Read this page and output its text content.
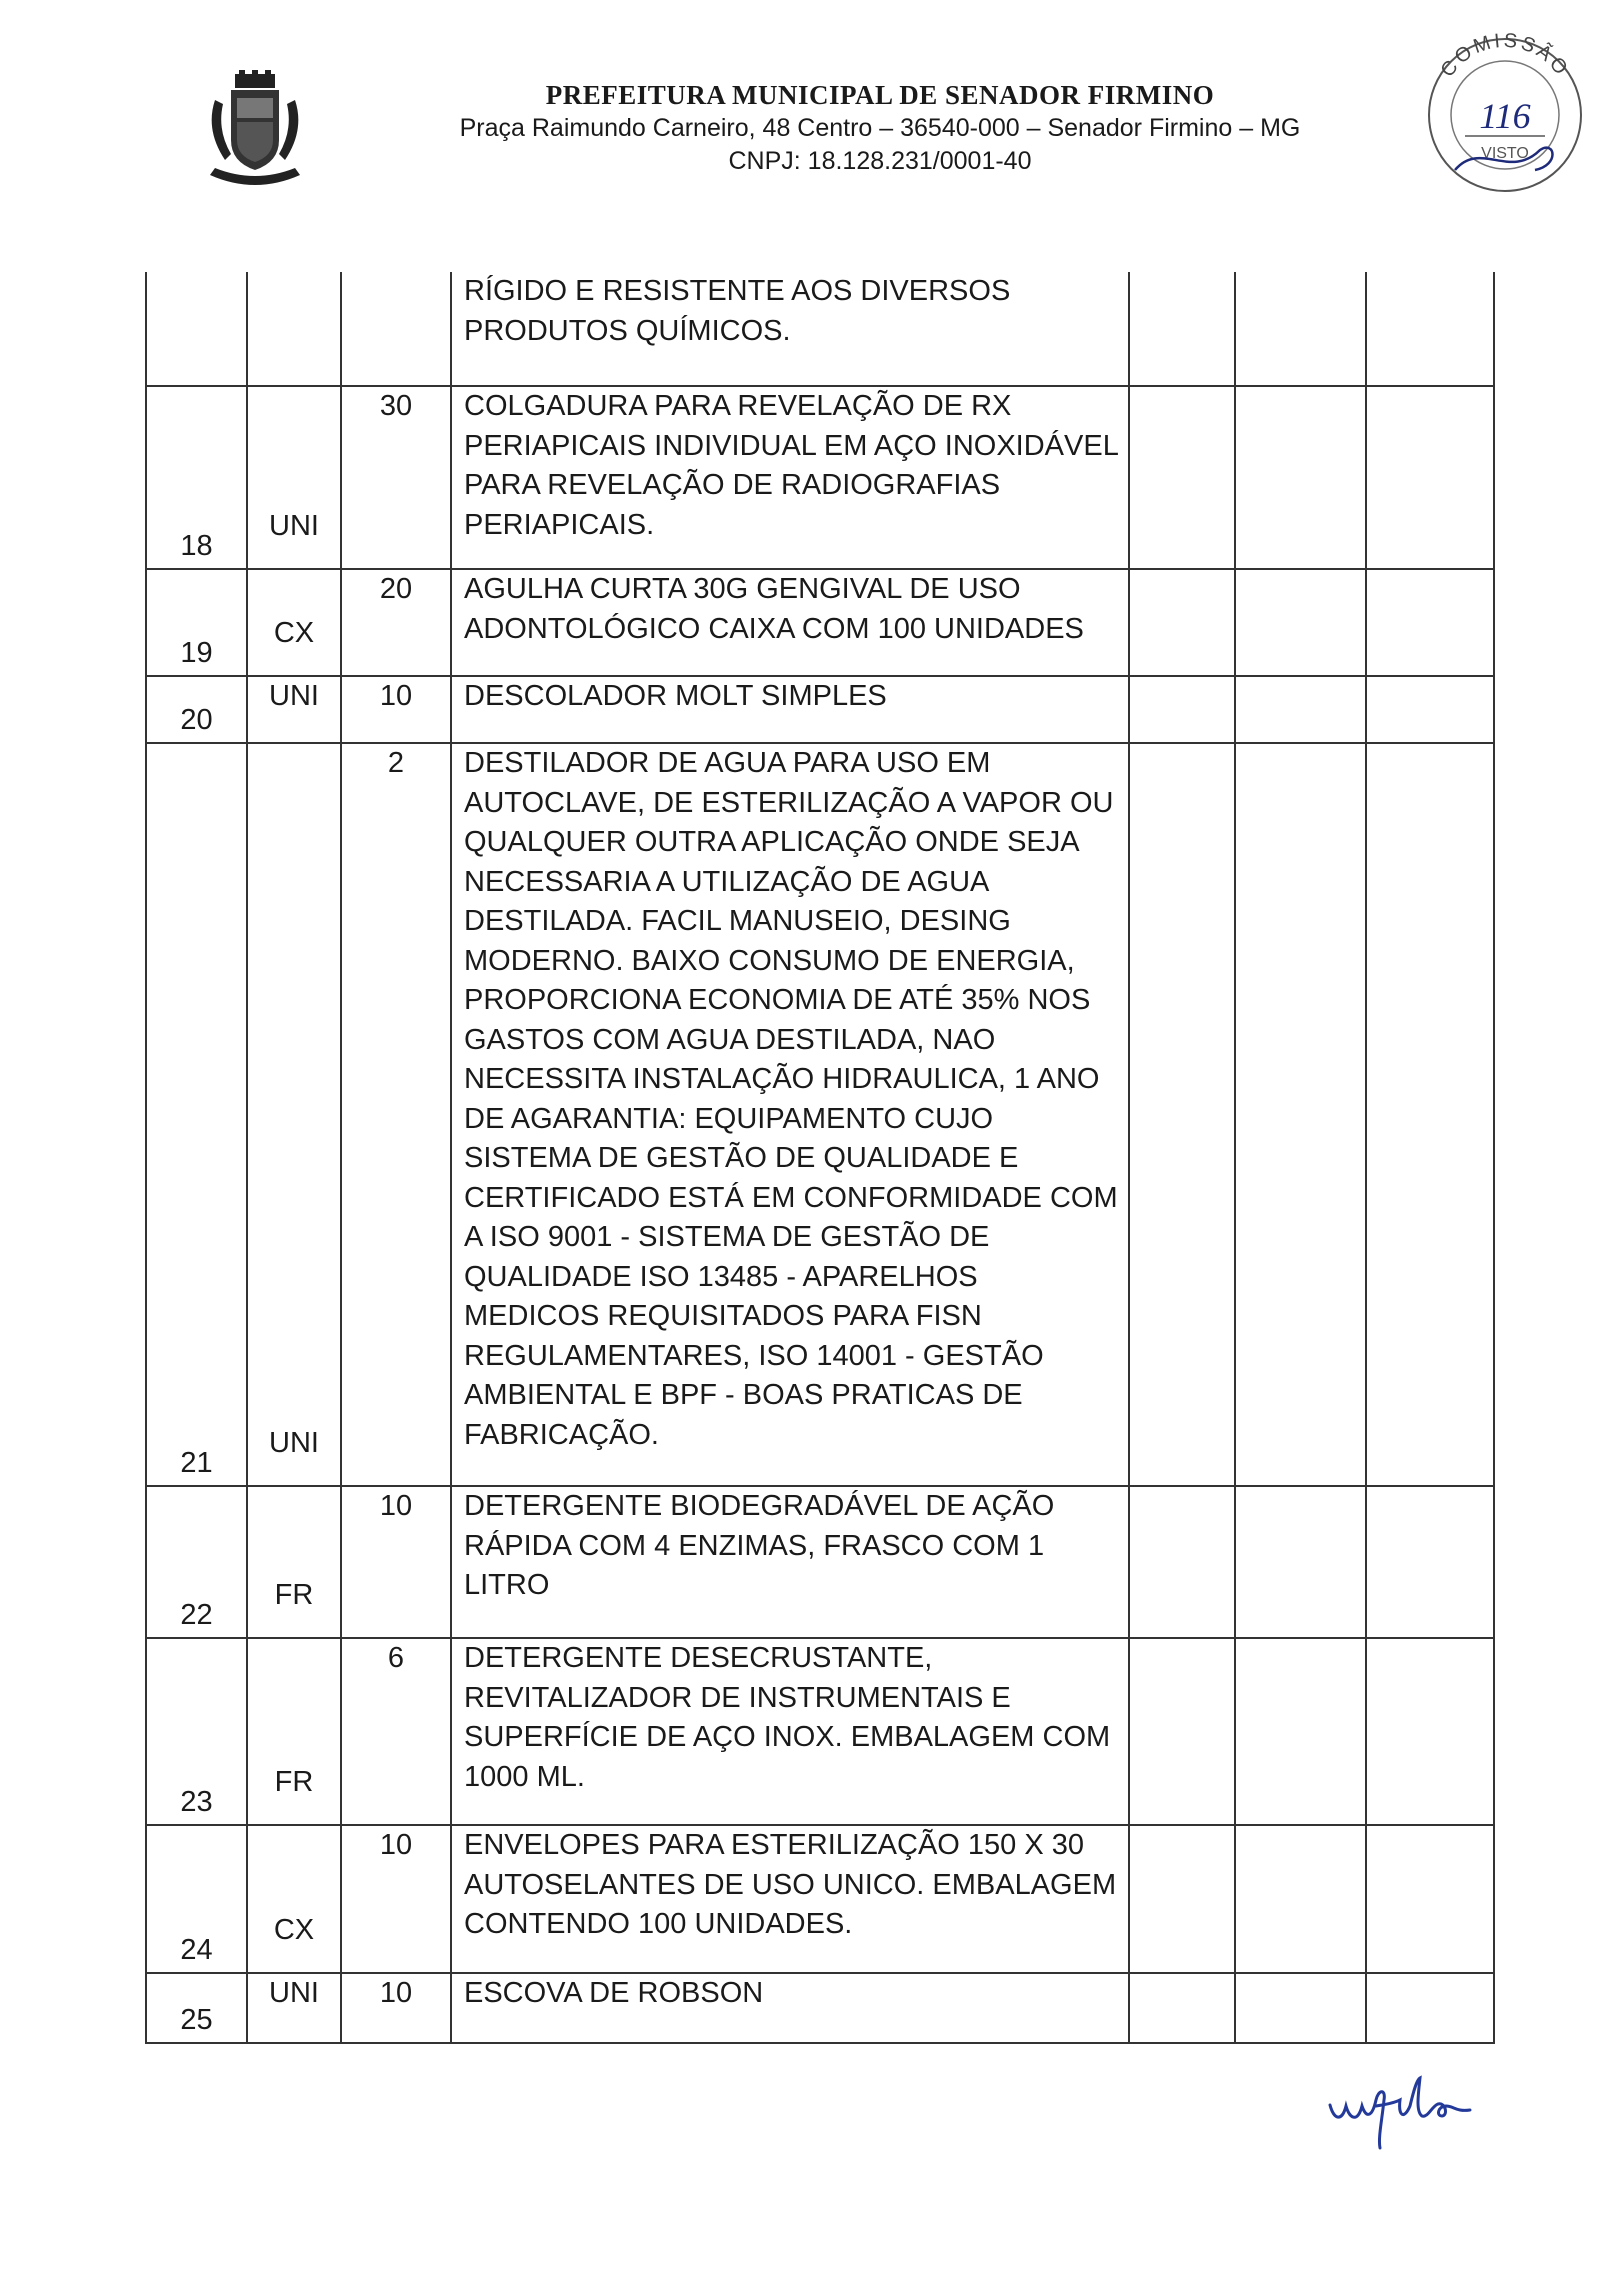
PREFEITURA MUNICIPAL DE SENADOR FIRMINO
Praça Raimundo Carneiro, 48 Centro – 36540-000 – Senador Firmino – MG
CNPJ: 18.128.231/0001-40
COMISSÃO
116
VISTO

	RÍGIDO E RESISTENTE AOS DIVERSOS PRODUTOS QUÍMICOS.			

18	UNI	30	COLGADURA PARA REVELAÇÃO DE RX PERIAPICAIS INDIVIDUAL EM AÇO INOXIDÁVEL PARA REVELAÇÃO DE RADIOGRAFIAS PERIAPICAIS.			

19	CX	20	AGULHA CURTA 30G GENGIVAL DE USO ADONTOLÓGICO CAIXA COM 100 UNIDADES			

20	UNI	10	DESCOLADOR MOLT SIMPLES			

21	UNI	2	DESTILADOR DE AGUA PARA USO EM AUTOCLAVE, DE ESTERILIZAÇÃO A VAPOR OU QUALQUER OUTRA APLICAÇÃO ONDE SEJA NECESSARIA A UTILIZAÇÃO DE AGUA DESTILADA. FACIL MANUSEIO, DESING MODERNO. BAIXO CONSUMO DE ENERGIA, PROPORCIONA ECONOMIA DE ATÉ 35% NOS GASTOS COM AGUA DESTILADA, NAO NECESSITA INSTALAÇÃO HIDRAULICA, 1 ANO DE AGARANTIA: EQUIPAMENTO CUJO SISTEMA DE GESTÃO DE QUALIDADE E CERTIFICADO ESTÁ EM CONFORMIDADE COM A ISO 9001 - SISTEMA DE GESTÃO DE QUALIDADE ISO 13485 - APARELHOS MEDICOS REQUISITADOS PARA FISN REGULAMENTARES, ISO 14001 - GESTÃO AMBIENTAL E BPF - BOAS PRATICAS DE FABRICAÇÃO.			

22	FR	10	DETERGENTE BIODEGRADÁVEL DE AÇÃO RÁPIDA COM 4 ENZIMAS, FRASCO COM 1 LITRO			

23	FR	6	DETERGENTE DESECRUSTANTE, REVITALIZADOR DE INSTRUMENTAIS E SUPERFÍCIE DE AÇO INOX. EMBALAGEM COM 1000 ML.			

24	CX	10	ENVELOPES PARA ESTERILIZAÇÃO 150 X 30 AUTOSELANTES DE USO UNICO. EMBALAGEM CONTENDO 100 UNIDADES.			

25	UNI	10	ESCOVA DE ROBSON			
